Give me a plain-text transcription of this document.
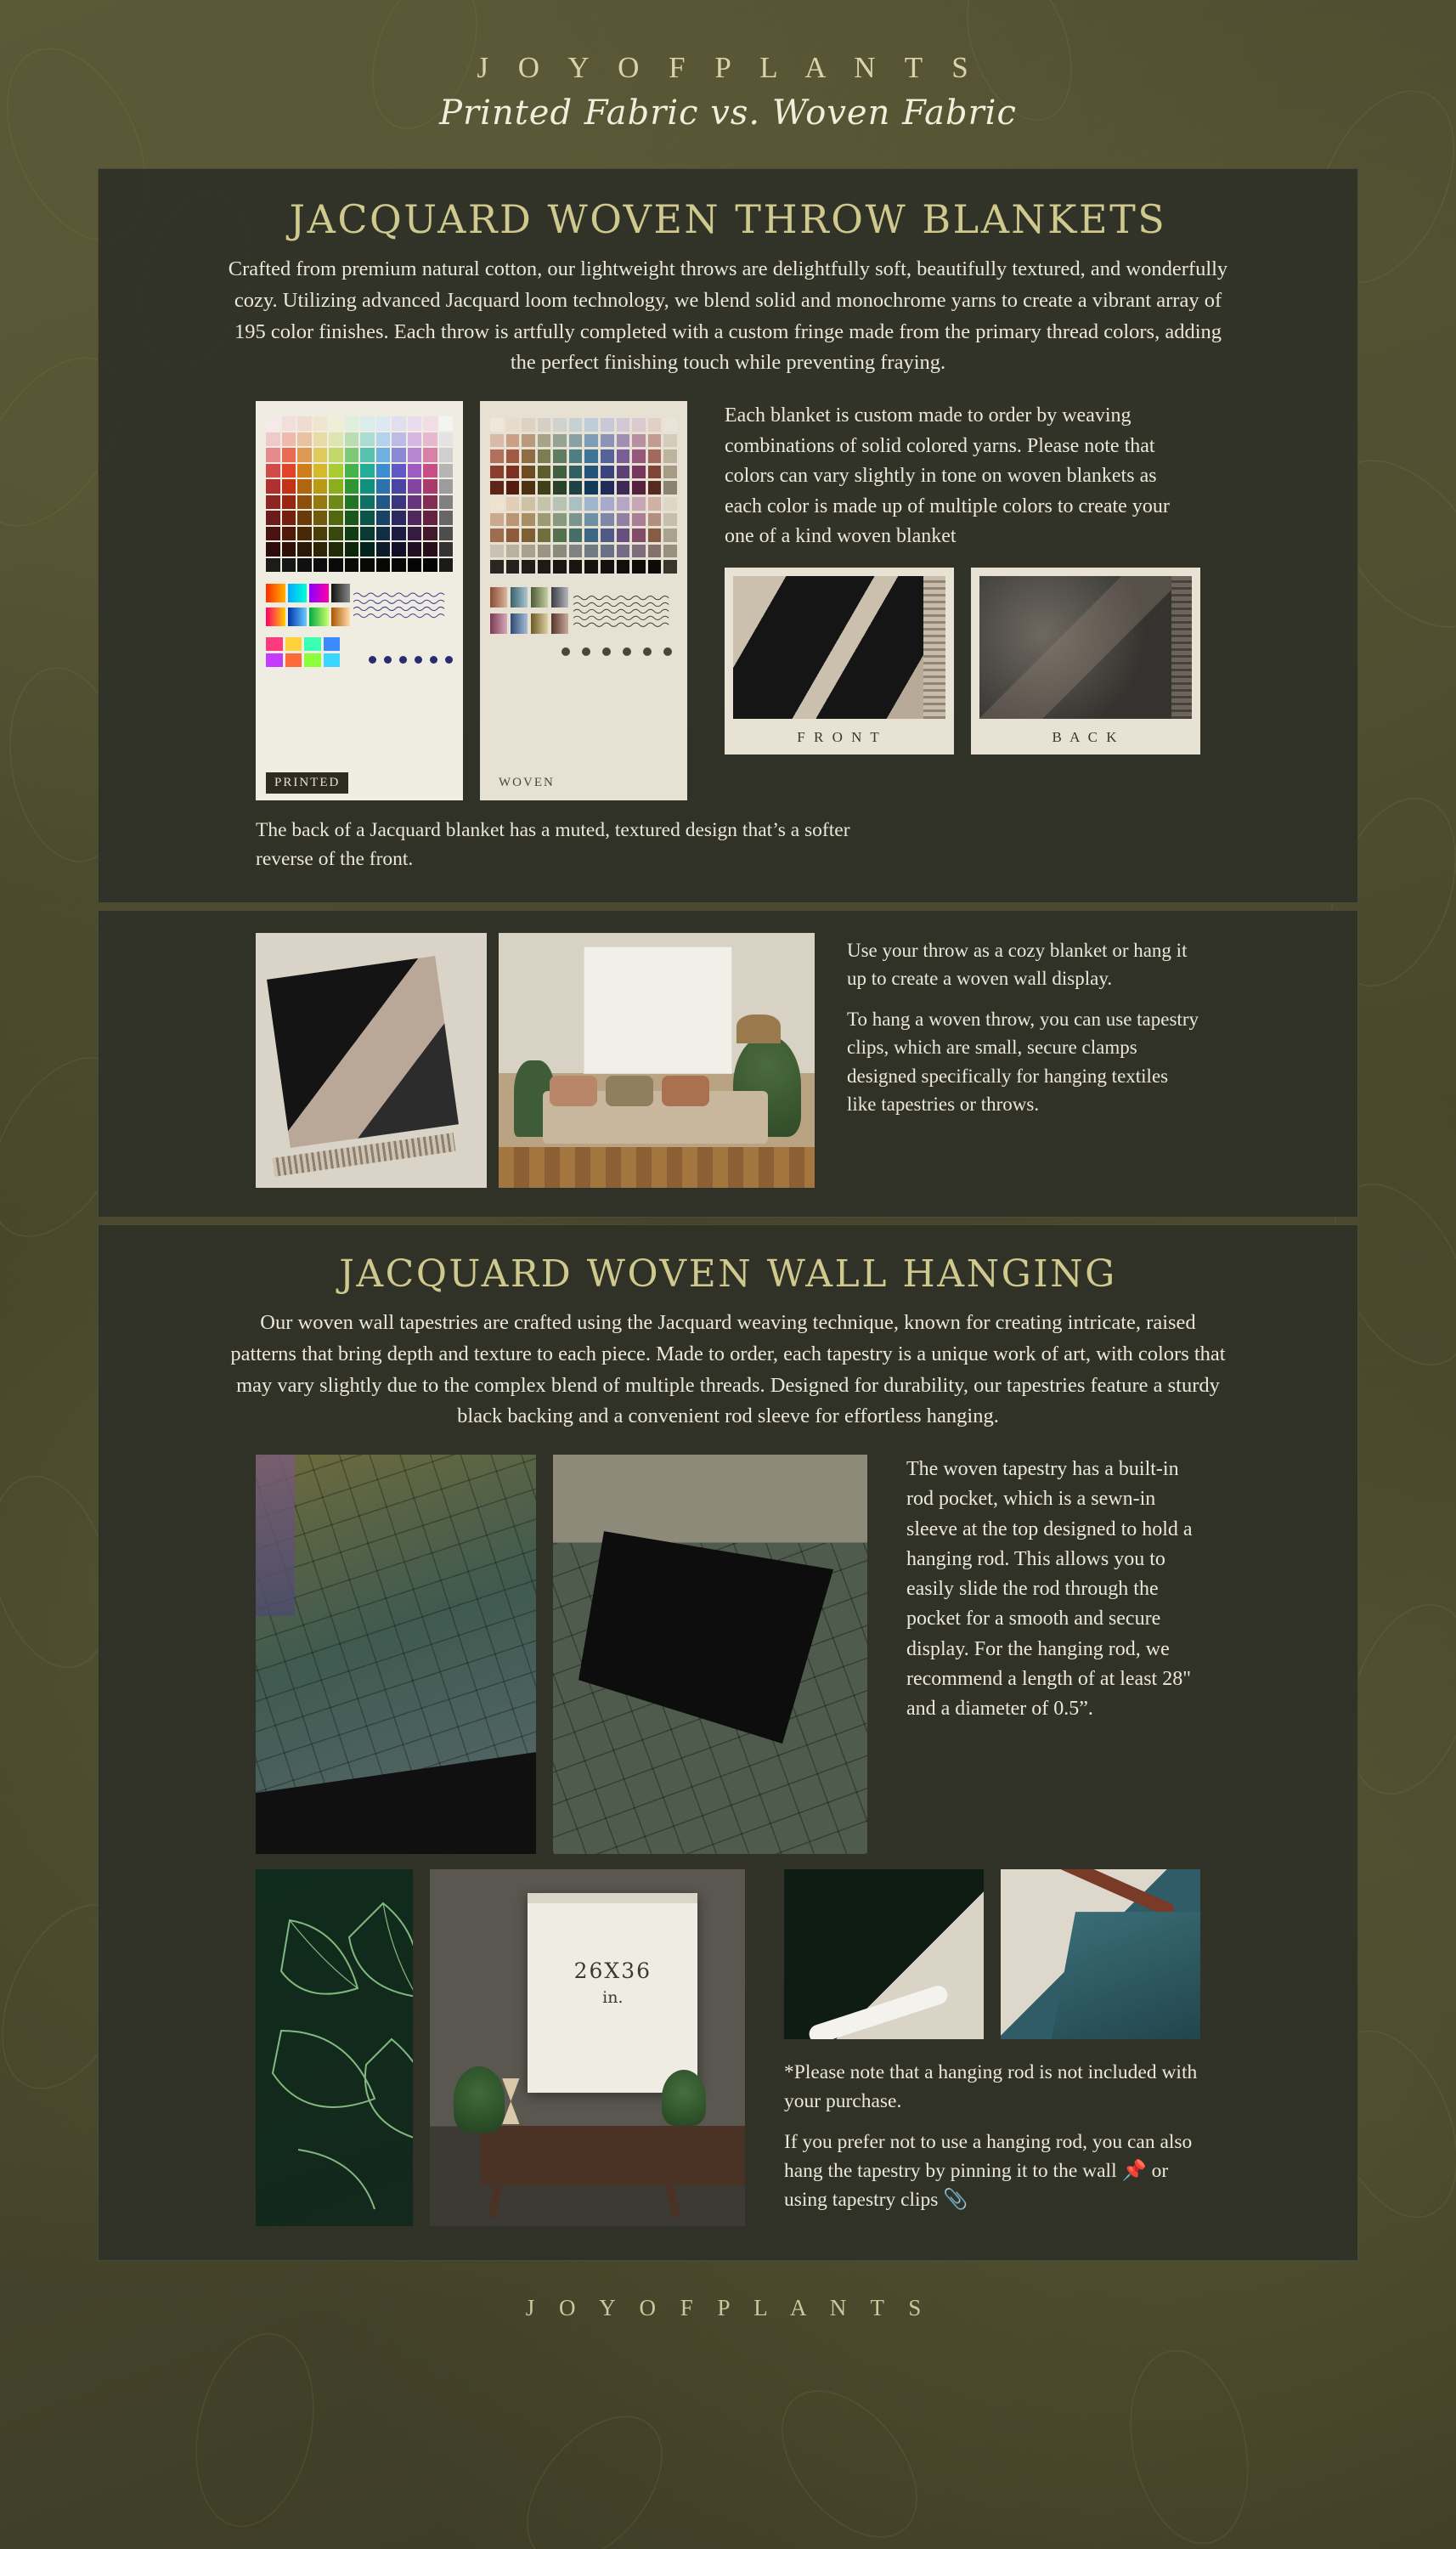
J O Y O F P L A N T S
Printed Fabric vs. Woven Fabric
JACQUARD WOVEN THROW BLANKETS
Crafted from premium natural cotton, our lightweight throws are delightfully soft, beautifully textured, and wonderfully cozy. Utilizing advanced Jacquard loom technology, we blend solid and monochrome yarns to create a vibrant array of 195 color finishes. Each throw is artfully completed with a custom fringe made from the primary thread colors, adding the perfect finishing touch while preventing fraying.
PRINTED	WOVEN
Each blanket is custom made to order by weaving combinations of solid colored yarns. Please note that colors can vary slightly in tone on woven blankets as each color is made up of multiple colors to create your one of a kind woven blanket
F R O N T	B A C K
The back of a Jacquard blanket has a muted, textured design that’s a softer reverse of the front.

Use your throw as a cozy blanket or hang it up to create a woven wall display.

To hang a woven throw, you can use tapestry clips, which are small, secure clamps designed specifically for hanging textiles like tapestries or throws.

JACQUARD WOVEN WALL HANGING
Our woven wall tapestries are crafted using the Jacquard weaving technique, known for creating intricate, raised patterns that bring depth and texture to each piece. Made to order, each tapestry is a unique work of art, with colors that may vary slightly due to the complex blend of multiple threads. Designed for durability, our tapestries feature a sturdy black backing and a convenient rod sleeve for effortless hanging.
The woven tapestry has a built-in rod pocket, which is a sewn-in sleeve at the top designed to hold a hanging rod. This allows you to easily slide the rod through the pocket for a smooth and secure display. For the hanging rod, we recommend a length of at least 28" and a diameter of 0.5”.
26X36
in.

*Please note that a hanging rod is not included with your purchase.

If you prefer not to use a hanging rod, you can also hang the tapestry by pinning it to the wall 📌 or using tapestry clips 📎

J O Y O F P L A N T S
